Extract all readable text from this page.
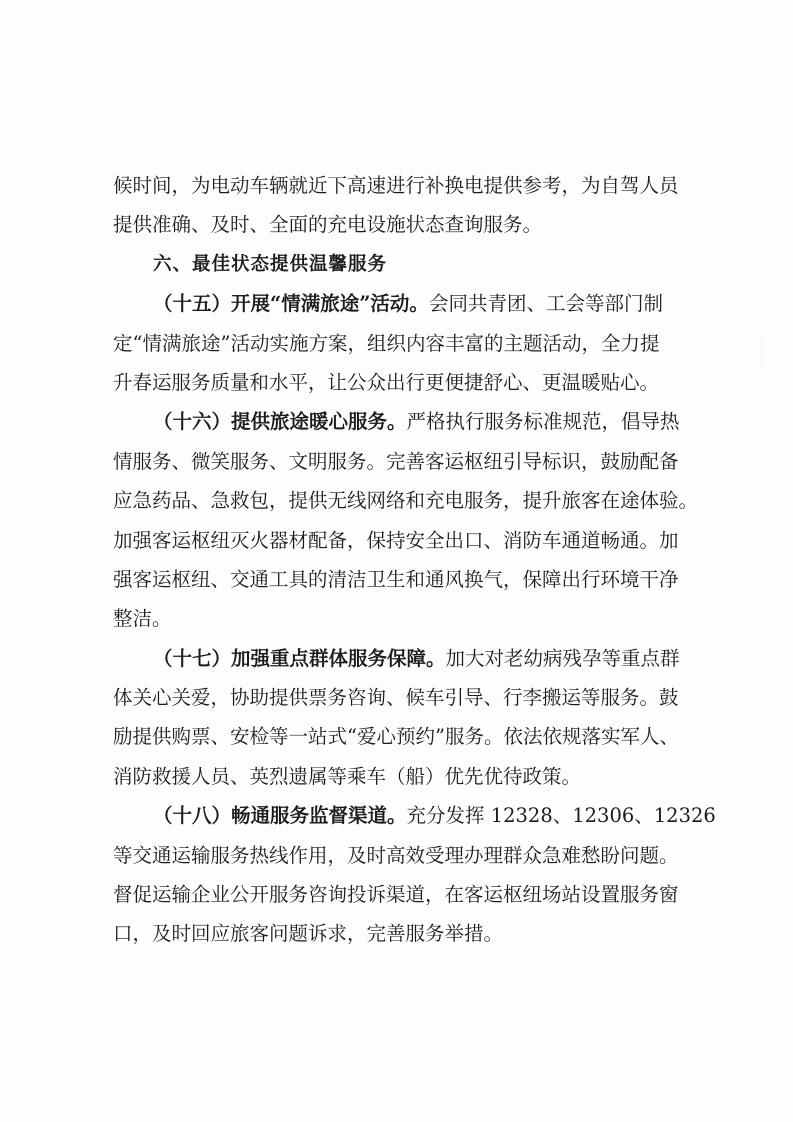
候时间，为电动车辆就近下高速进行补换电提供参考，为自驾人员
提供准确、及时、全面的充电设施状态查询服务。
六、最佳状态提供温馨服务
（十五）开展“情满旅途”活动。 会同共青团、工会等部门制
定“情满旅途”活动实施方案，组织内容丰富的主题活动，全力提
升春运服务质量和水平，让公众出行更便捷舒心、更温暖贴心。
（十六）提供旅途暖心服务。 严格执行服务标准规范，倡导热
情服务、微笑服务、文明服务。完善客运枢纽引导标识，鼓励配备
应急药品、急救包，提供无线网络和充电服务，提升旅客在途体验。
加强客运枢纽灭火器材配备，保持安全出口、消防车通道畅通。加
强客运枢纽、交通工具的清洁卫生和通风换气，保障出行环境干净
整洁。
（十七）加强重点群体服务保障。 加大对老幼病残孕等重点群
体关心关爱，协助提供票务咨询、候车引导、行李搬运等服务。鼓
励提供购票、安检等一站式“爱心预约”服务。依法依规落实军人、
消防救援人员、英烈遗属等乘车（船）优先优待政策。
（十八）畅通服务监督渠道。 充分发挥 12328、12306、12326
等交通运输服务热线作用，及时高效受理办理群众急难愁盼问题。
督促运输企业公开服务咨询投诉渠道，在客运枢纽场站设置服务窗
口，及时回应旅客问题诉求，完善服务举措。
